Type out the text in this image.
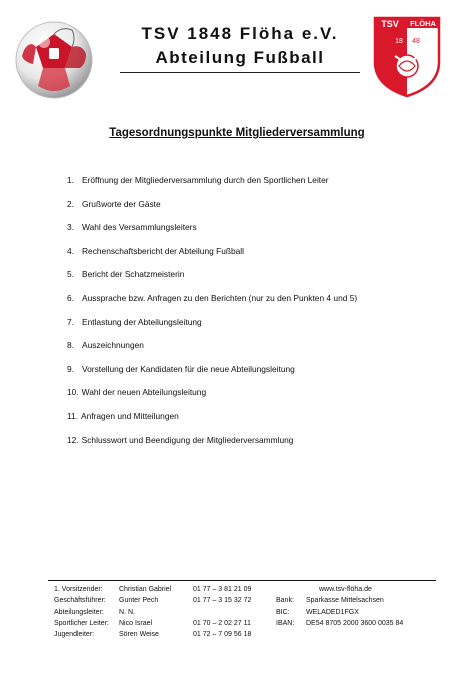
TSV 1848 Flöha e.V.
Abteilung Fußball
TSV FLÖHA
18 48
Tagesordnungspunkte Mitgliederversammlung
1. Eröffnung der Mitgliederversammlung durch den Sportlichen Leiter
2. Grußworte der Gäste
3. Wahl des Versammlungsleiters
4. Rechenschaftsbericht der Abteilung Fußball
5. Bericht der Schatzmeisterin
6. Aussprache bzw. Anfragen zu den Berichten (nur zu den Punkten 4 und 5)
7. Entlastung der Abteilungsleitung
8. Auszeichnungen
9. Vorstellung der Kandidaten für die neue Abteilungsleitung
10. Wahl der neuen Abteilungsleitung
11. Anfragen und Mitteilungen
12. Schlusswort und Beendigung der Mitgliederversammlung
1. Vorsitzender:
Geschäftsführer:
Abteilungsleiter:
Sportlicher Leiter:
Jugendleiter:
Christian Gabriel
Gunter Pech
N. N.
Nico Israel
Sören Weise
01 77 – 3 81 21 09
01 77 – 3 15 32 72
01 70 – 2 02 27 11
01 72 – 7 09 56 18
www.tsv-flöha.de
Bank: Sparkasse Mittelsachsen
BIC: WELADED1FGX
IBAN: DE54 8705 2000 3600 0035 84
